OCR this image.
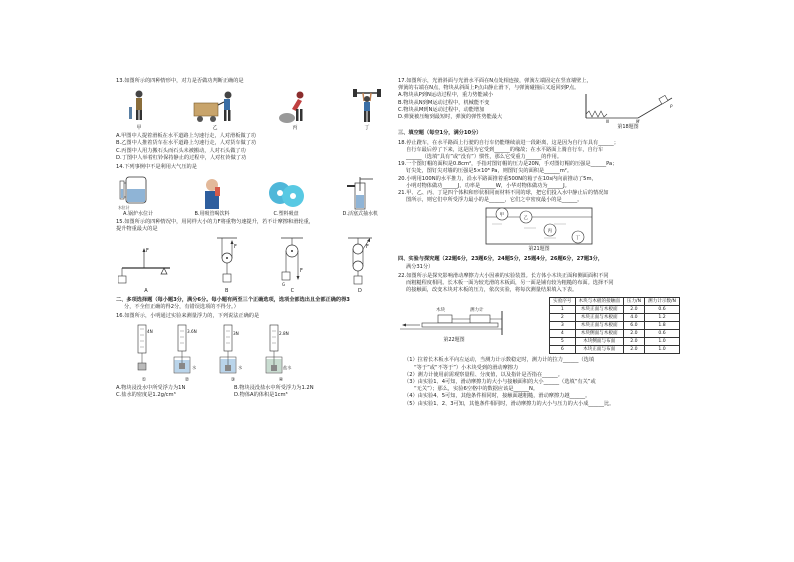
13.如图所示的四种情形中，对力是否做功判断正确的是
甲	乙	丙	丁
A.甲图中人提着滑板在水平道路上匀速行走，人对滑板做了功
B.乙图中人推着货车在水平道路上匀速行走，人对货车做了功
C.丙图中人用力搬石头而石头未被搬动，人对石头做了功
D.丁图中人举着杠铃保持静止的过程中，人对杠铃做了功
14.下列事例中不是利用大气压的是
水位计
A.锅炉水位计	B.用吸管喝饮料	C.塑料吸盘	D.活塞式抽水机
15.如图所示的四种情况中，用同样大小的力F将重物匀速提升，若不计摩擦和滑轮重，
提升物重最大的是
F
A
F
B
F
G
C
F
D
二、多项选择题（每小题3分，满分6分。每小题有两至三个正确选项，选项全部选出且全部正确的得3
分，不全但正确的得2分，有错误选项的不得分。）
16.如图所示，小明通过实验来测量浮力的，下列说法正确的是
4N
①
3.6N
水
②
3N
水
③
2.8N
盐水
④
A.物块浸没水中所受浮力为1N
C.盐水的密度是1.2g/cm³
B.物块浸没盐水中所受浮力为1.2N
D.物体A的体积是1cm³
17.如图所示，光滑斜面与光滑水平面在N点处相连接，弹簧左端固定在竖直墙壁上，
弹簧的右端在N点，物块从斜面上P点由静止滑下，与弹簧碰撞后又返回到P点。
A.物块从P到N运动过程中，重力势能减小
B.物块从N到M运动过程中，机械能不变
C.物块从M到N运动过程中，动能增加
D.弹簧被压缩到最短时，弹簧的弹性势能最大
N	M
P
第18题图
三、填空题（每空1分，满分10分）
18.停止蹬车，在水平路面上行驶的自行车仍能继续前进一段距离，这是因为自行车具有______；
自行车最后停了下来，这是因为它受到______的缘故；在水平路面上骑自行车，自行车
______（选填“具有”或“没有”）惯性，那么它受重力______的作用。
19.一个图钉帽的面积是0.8cm²，手指对图钉帽的压力是20N，手对图钉帽的压强是______Pa；
钉尖处，图钉尖对墙的压强是5×10⁸ Pa，则图钉尖的面积是______m²。
20.小明用100N的水平推力，沿水平路面推着重500N的箱子在10s内向前推动了5m，
小明对物体做功______J，功率是______W，小华对物体做功为______J。
21.甲、乙、丙、丁是四个体积和形状相同而材料不同的球，把它们投入水中静止后的情况如
图所示，则它们中所受浮力最小的是______，它们之中密度最小的是______。
甲
乙
丙
丁
第21题图
四、实验与探究题（22题6分，23题6分，24题5分，25题4分，26题6分，27题3分，
满分31分）
22.如图所示是探究影响滑动摩擦力大小因素的实验装置。长方体小木块正面和侧面面积不同
而粗糙程度相同。长木板一面为较光滑的木板面，另一面是铺有较为粗糙的布面。选择不同
的接触面，改变木块对木板的压力，依次实验，将每次测量结果填入下表。
木块	测力计
第22题图
实验序号	木块与木板的接触面	压力/N	测力计示数/N
1	木块正面与木板面	2.0	0.6
2	木块正面与木板面	4.0	1.2
3	木块正面与木板面	6.0	1.8
4	木块侧面与木板面	2.0	0.6
5	木块侧面与布面	2.0	1.0
6	木块正面与布面	2.0	1.0
（1）拉着长木板水平向左运动，当测力计示数稳定时，测力计的拉力______（选填
“等于”或“不等于”）小木块受到的滑动摩擦力
（2）测力计使用前需观察量程、分度值，以及指针是否指在______。
（3）由实验1、4可知，滑动摩擦力的大小与接触面积的大小______（选填“有关”或
“无关”）；那么，实验6空格中的数据应该是______N。
（4）由实验4、5可知，其他条件相同时，接触面越粗糙，滑动摩擦力越______。
（5）由实验1、2、3可知，其他条件相同时，滑动摩擦力的大小与压力的大小成______比。
